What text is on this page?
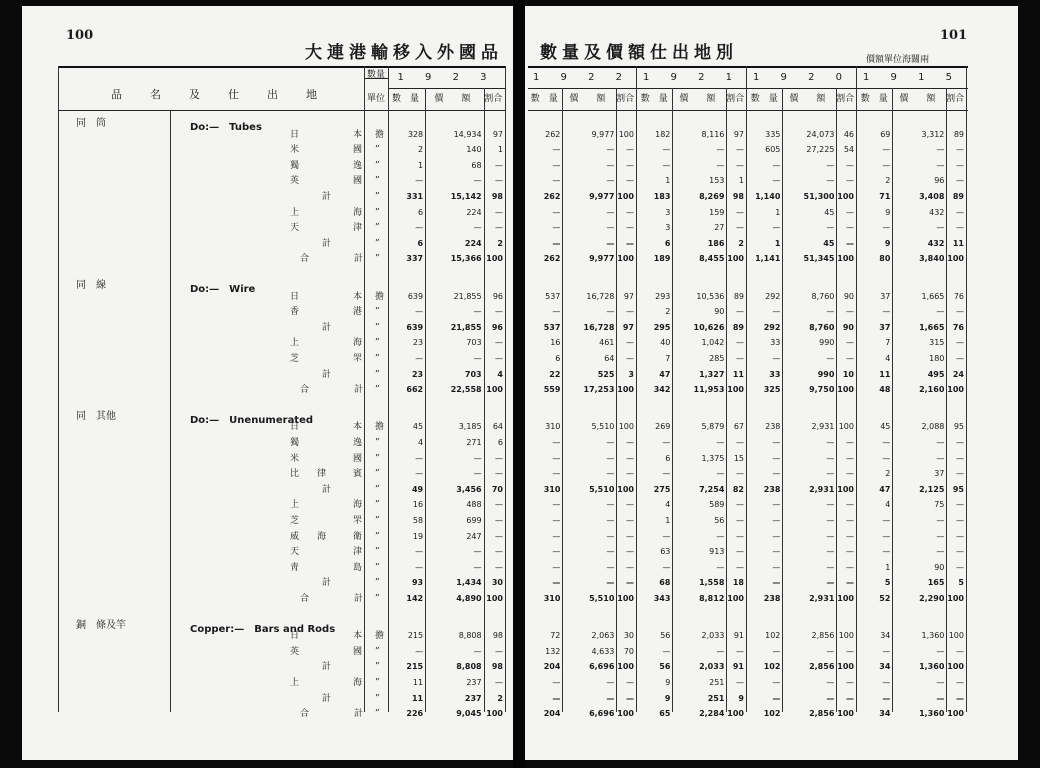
100
大連港輸移入外國品 數量及價額仕出地別	價額單位海關兩
101
品　　名　　及　　仕　　出　　地
數量
單位
1 9 2 3
數　量	價　　額	割合
1 9 2 2
數　量	價　　額	割合
1 9 2 1
數　量	價　　額	割合
1 9 2 0
數　量	價　　額	割合
1 9 1 5
數　量	價　　額	割合
同　筒	Do:—　Tubes
日　　　　　　本 擔	328	14,934	97	262	9,977 100	182	8,116	97	335	24,073	46	69	3,312	89
米　　　　　　國 ”	2	140	1	—	—	—	—	—	—	605	27,225	54	—	—	—
獨　　　　　　逸 ”	1	68	—	—	—	—	—	—	—	—	—	—	—	—	—
英　　　　　　國 ”	—	—	—	—	—	—	1	153	1	—	—	—	2	96	—
計	”	331	15,142	98	262	9,977 100	183	8,269	98	1,140	51,300 100	71	3,408	89
上　　　　　　海 ”	6	224	—	—	—	—	3	159	—	1	45	—	9	432	—
天　　　　　　津 ”	—	—	—	—	—	—	3	27	—	—	—	—	—	—	—
計	”	6	224	2	—	—	—	6	186	2	1	45	—	9	432	11
合　　　　　計 ”	337	15,366 100	262	9,977 100	189	8,455 100	1,141	51,345 100	80	3,840 100
同　線	Do:—　Wire
日　　　　　　本 擔	639	21,855	96	537	16,728	97	293	10,536	89	292	8,760	90	37	1,665	76
香　　　　　　港 ”	—	—	—	—	—	—	2	90	—	—	—	—	—	—	—
計	”	639	21,855	96	537	16,728	97	295	10,626	89	292	8,760	90	37	1,665	76
上　　　　　　海 ”	23	703	—	16	461	—	40	1,042	—	33	990	—	7	315	—
芝　　　　　　罘 ”	—	—	—	6	64	—	7	285	—	—	—	—	4	180	—
計	”	23	703	4	22	525	3	47	1,327	11	33	990	10	11	495	24
合　　　　　計 ”	662	22,558 100	559	17,253 100	342	11,953 100	325	9,750 100	48	2,160 100
同　其他	Do:—　Unenumerated
日　　　　　　本 擔	45	3,185	64	310	5,510 100	269	5,879	67	238	2,931 100	45	2,088	95
獨　　　　　　逸 ”	4	271	6	—	—	—	—	—	—	—	—	—	—	—	—
米　　　　　　國 ”	—	—	—	—	—	—	6	1,375	15	—	—	—	—	—	—
比　　律　　　賓 ”	—	—	—	—	—	—	—	—	—	—	—	—	2	37	—
計	”	49	3,456	70	310	5,510 100	275	7,254	82	238	2,931 100	47	2,125	95
上　　　　　　海 ”	16	488	—	—	—	—	4	589	—	—	—	—	4	75	—
芝　　　　　　罘 ”	58	699	—	—	—	—	1	56	—	—	—	—	—	—	—
威　　海　　　衛 ”	19	247	—	—	—	—	—	—	—	—	—	—	—	—	—
天　　　　　　津 ”	—	—	—	—	—	—	63	913	—	—	—	—	—	—	—
靑　　　　　　島 ”	—	—	—	—	—	—	—	—	—	—	—	—	1	90	—
計	”	93	1,434	30	—	—	—	68	1,558	18	—	—	—	5	165	5
合　　　　　計 ”	142	4,890 100	310	5,510 100	343	8,812 100	238	2,931 100	52	2,290 100
銅　條及竿	Copper:—　Bars and Rods
日　　　　　　本 擔	215	8,808	98	72	2,063	30	56	2,033	91	102	2,856 100	34	1,360 100
英　　　　　　國 ”	—	—	—	132	4,633	70	—	—	—	—	—	—	—	—	—
計	”	215	8,808	98	204	6,696 100	56	2,033	91	102	2,856 100	34	1,360 100
上　　　　　　海 ”	11	237	—	—	—	—	9	251	—	—	—	—	—	—	—
計	”	11	237	2	—	—	—	9	251	9	—	—	—	—	—	—
合　　　　　計 ”	226	9,045 100	204	6,696 100	65	2,284 100	102	2,856 100	34	1,360 100
